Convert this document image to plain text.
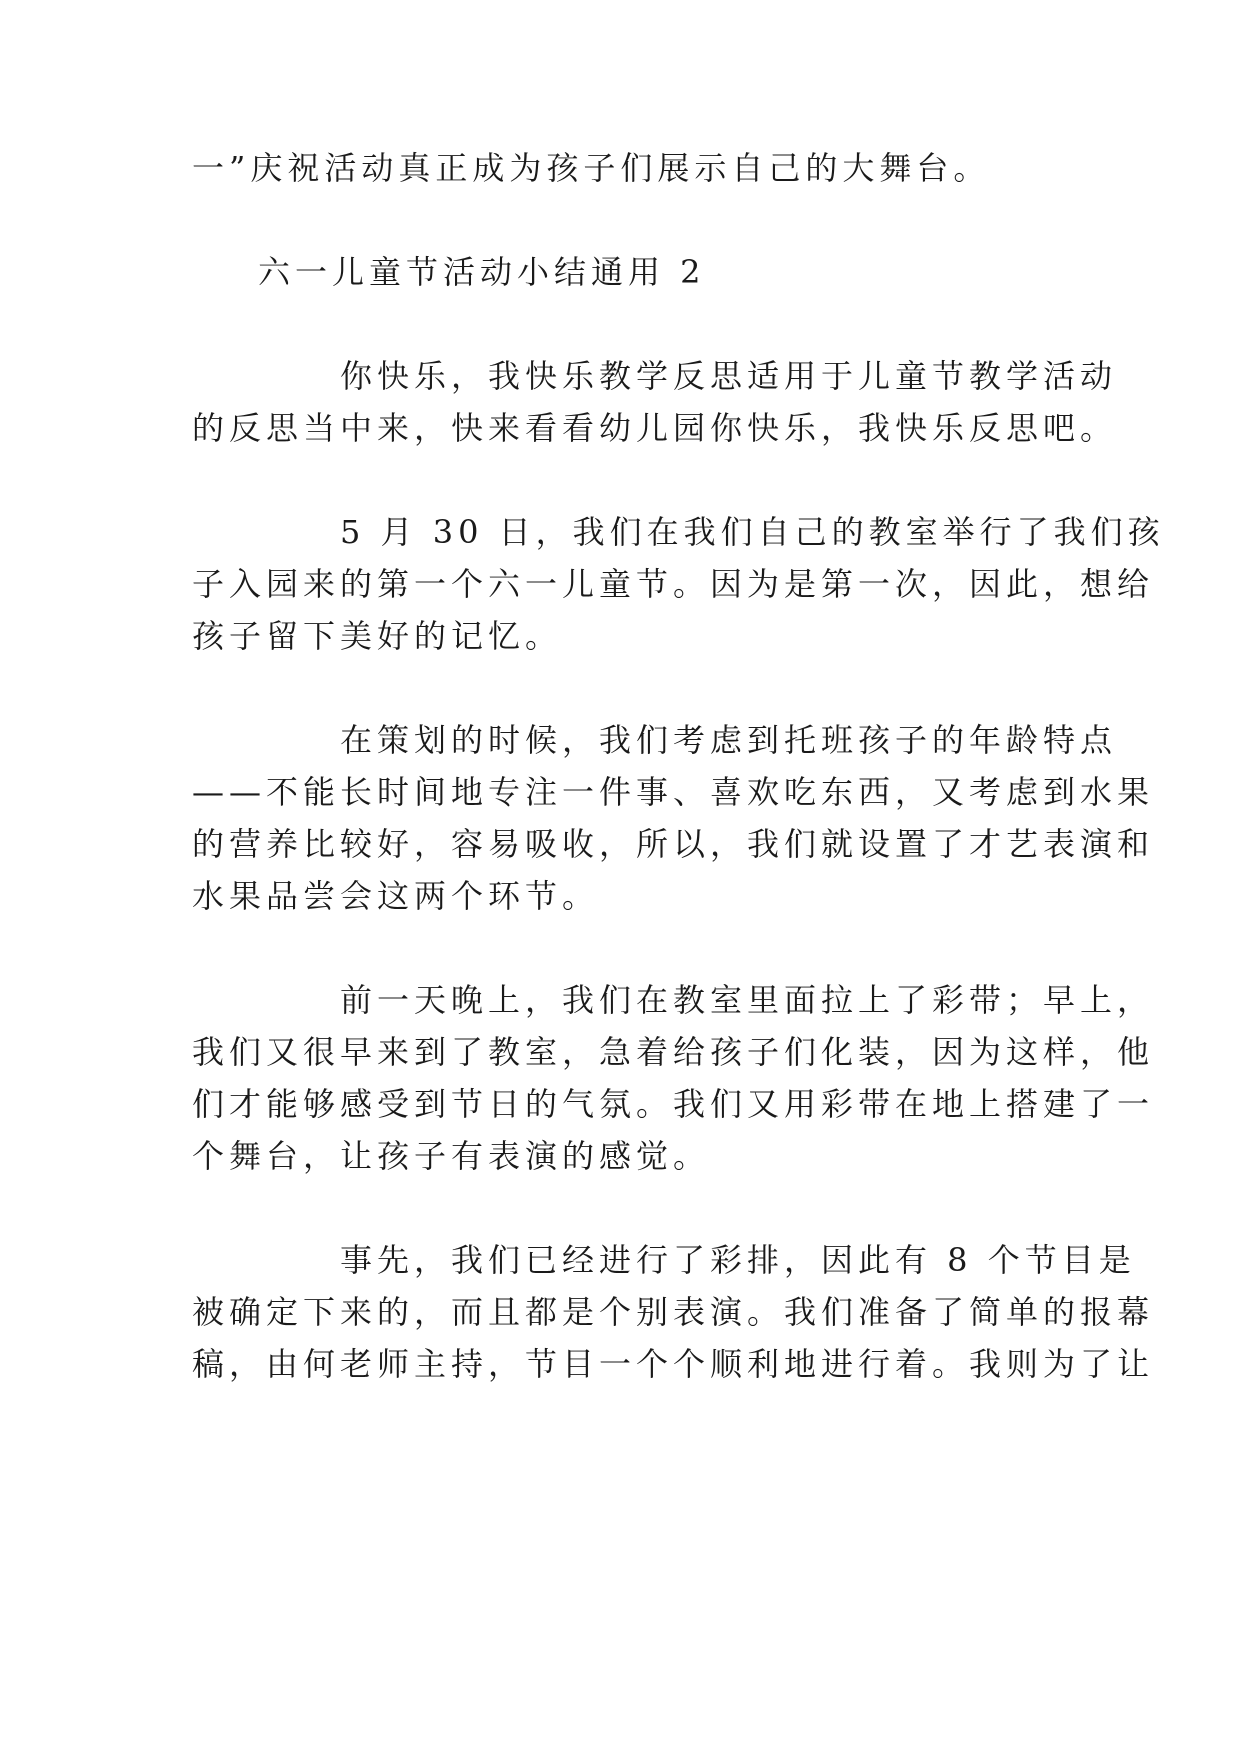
一”庆祝活动真正成为孩子们展示自己的大舞台。
六一儿童节活动小结通用 2
你快乐，我快乐教学反思适用于儿童节教学活动
的反思当中来，快来看看幼儿园你快乐，我快乐反思吧。
5 月 30 日，我们在我们自己的教室举行了我们孩
子入园来的第一个六一儿童节。因为是第一次，因此，想给
孩子留下美好的记忆。
在策划的时候，我们考虑到托班孩子的年龄特点
——不能长时间地专注一件事、喜欢吃东西，又考虑到水果
的营养比较好，容易吸收，所以，我们就设置了才艺表演和
水果品尝会这两个环节。
前一天晚上，我们在教室里面拉上了彩带；早上，
我们又很早来到了教室，急着给孩子们化装，因为这样，他
们才能够感受到节日的气氛。我们又用彩带在地上搭建了一
个舞台，让孩子有表演的感觉。
事先，我们已经进行了彩排，因此有 8 个节目是
被确定下来的，而且都是个别表演。我们准备了简单的报幕
稿，由何老师主持，节目一个个顺利地进行着。我则为了让
